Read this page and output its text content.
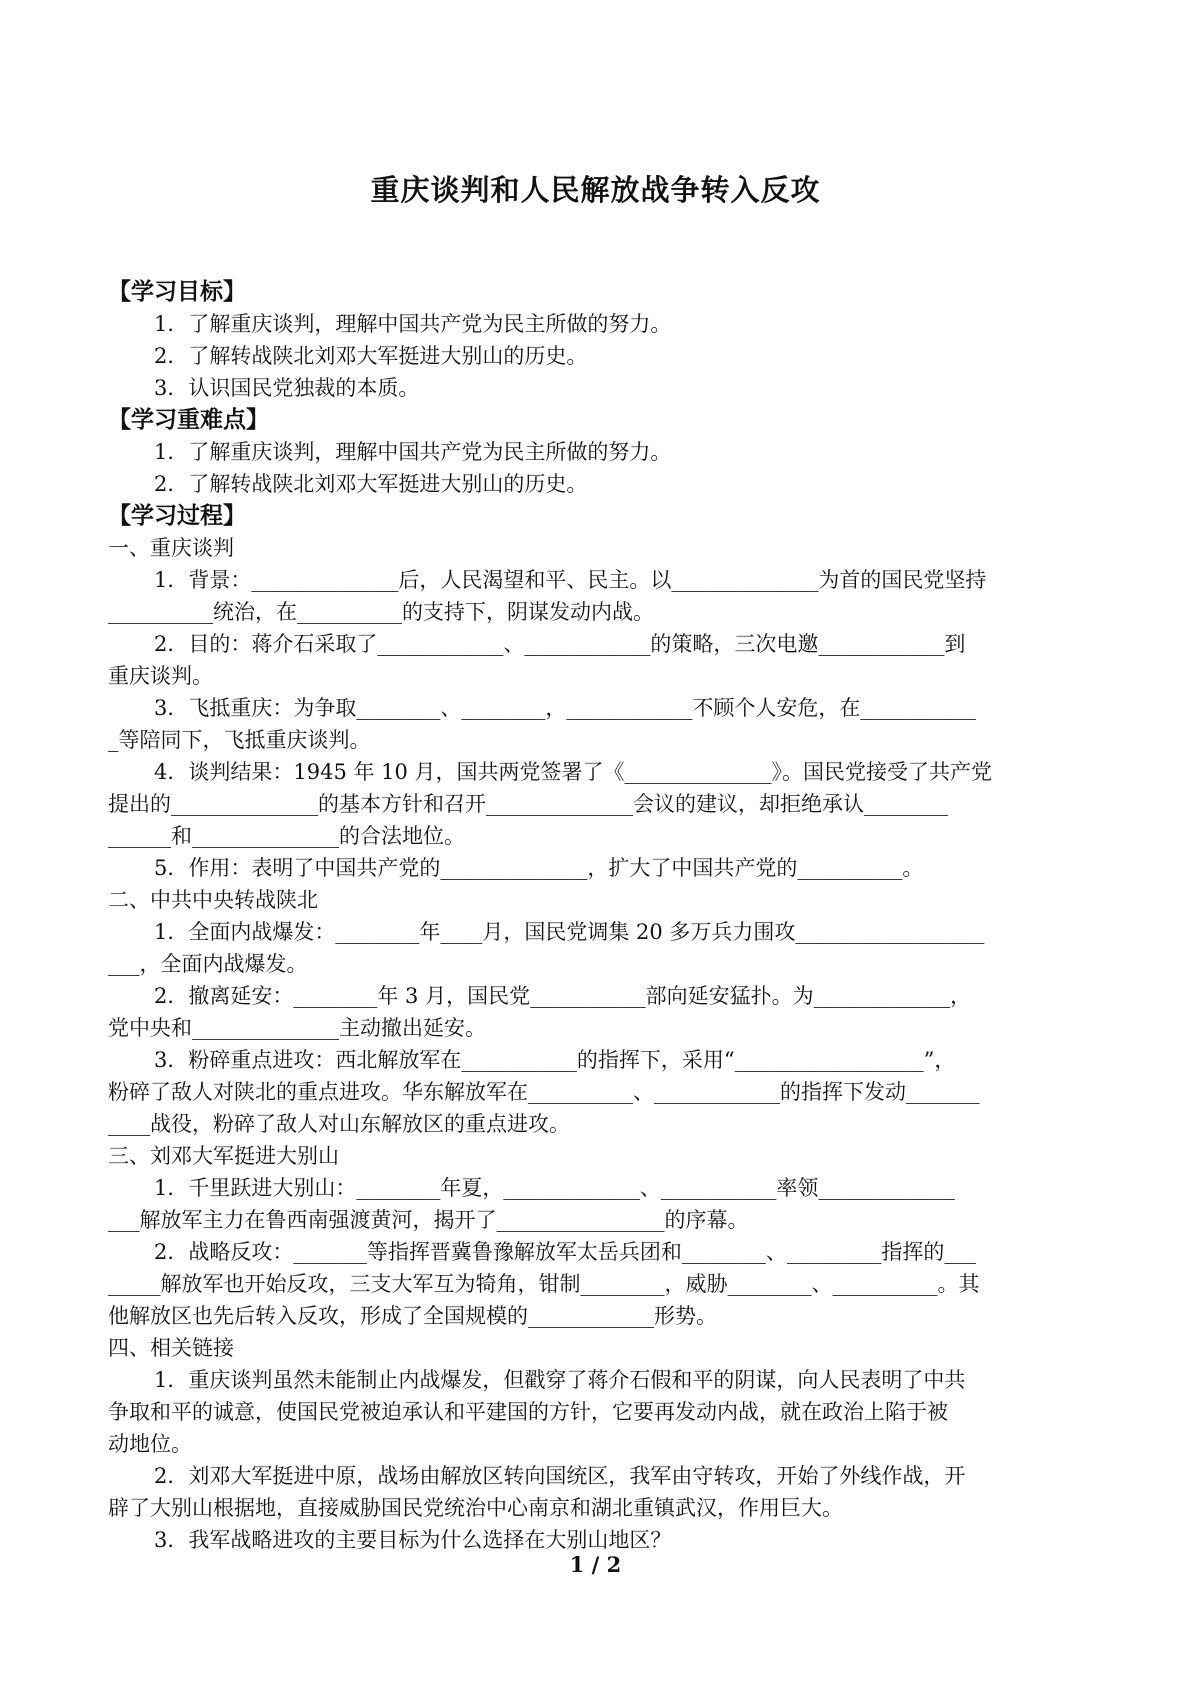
重庆谈判和人民解放战争转入反攻
【学习目标】
1．了解重庆谈判，理解中国共产党为民主所做的努力。
2．了解转战陕北刘邓大军挺进大别山的历史。
3．认识国民党独裁的本质。
【学习重难点】
1．了解重庆谈判，理解中国共产党为民主所做的努力。
2．了解转战陕北刘邓大军挺进大别山的历史。
【学习过程】
一、重庆谈判
1．背景：______________后，人民渴望和平、民主。以______________为首的国民党坚持
__________统治，在__________的支持下，阴谋发动内战。
2．目的：蒋介石采取了____________、____________的策略，三次电邀____________到
重庆谈判。
3．飞抵重庆：为争取________、________，____________不顾个人安危，在___________
_等陪同下，飞抵重庆谈判。
4．谈判结果：1945 年 10 月，国共两党签署了《______________》。国民党接受了共产党
提出的______________的基本方针和召开______________会议的建议，却拒绝承认________
______和______________的合法地位。
5．作用：表明了中国共产党的______________，扩大了中国共产党的__________。
二、中共中央转战陕北
1．全面内战爆发：________年____月，国民党调集 20 多万兵力围攻__________________
___，全面内战爆发。
2．撤离延安：________年 3 月，国民党___________部向延安猛扑。为_____________，
党中央和______________主动撤出延安。
3．粉碎重点进攻：西北解放军在___________的指挥下，采用“__________________”，
粉碎了敌人对陕北的重点进攻。华东解放军在__________、____________的指挥下发动_______
____战役，粉碎了敌人对山东解放区的重点进攻。
三、刘邓大军挺进大别山
1．千里跃进大别山：________年夏，_____________、___________率领_____________
___解放军主力在鲁西南强渡黄河，揭开了________________的序幕。
2．战略反攻：_______等指挥晋冀鲁豫解放军太岳兵团和________、_________指挥的___
_____解放军也开始反攻，三支大军互为犄角，钳制________，威胁________、__________。其
他解放区也先后转入反攻，形成了全国规模的____________形势。
四、相关链接
1．重庆谈判虽然未能制止内战爆发，但戳穿了蒋介石假和平的阴谋，向人民表明了中共
争取和平的诚意，使国民党被迫承认和平建国的方针，它要再发动内战，就在政治上陷于被
动地位。
2．刘邓大军挺进中原，战场由解放区转向国统区，我军由守转攻，开始了外线作战，开
辟了大别山根据地，直接威胁国民党统治中心南京和湖北重镇武汉，作用巨大。
3．我军战略进攻的主要目标为什么选择在大别山地区？
1 / 2
